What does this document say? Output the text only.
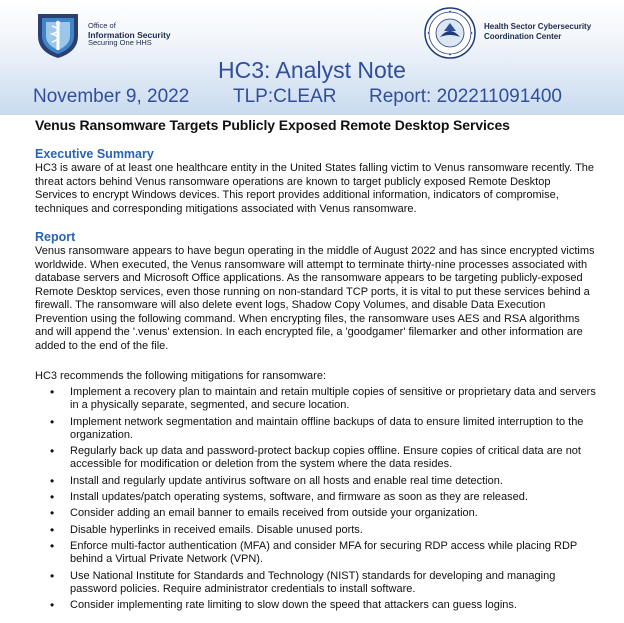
Office of
Information Security
Securing One HHS
Health Sector Cybersecurity
Coordination Center
HC3: Analyst Note
November 9, 2022 TLP:CLEAR Report: 202211091400
Venus Ransomware Targets Publicly Exposed Remote Desktop Services
Executive Summary
HC3 is aware of at least one healthcare entity in the United States falling victim to Venus ransomware recently. The threat actors behind Venus ransomware operations are known to target publicly exposed Remote Desktop Services to encrypt Windows devices. This report provides additional information, indicators of compromise, techniques and corresponding mitigations associated with Venus ransomware.
Report
Venus ransomware appears to have begun operating in the middle of August 2022 and has since encrypted victims worldwide. When executed, the Venus ransomware will attempt to terminate thirty-nine processes associated with database servers and Microsoft Office applications. As the ransomware appears to be targeting publicly-exposed Remote Desktop services, even those running on non-standard TCP ports, it is vital to put these services behind a firewall. The ransomware will also delete event logs, Shadow Copy Volumes, and disable Data Execution Prevention using the following command. When encrypting files, the ransomware uses AES and RSA algorithms and will append the '.venus' extension. In each encrypted file, a 'goodgamer' filemarker and other information are added to the end of the file.
HC3 recommends the following mitigations for ransomware:
• Implement a recovery plan to maintain and retain multiple copies of sensitive or proprietary data and servers in a physically separate, segmented, and secure location.
• Implement network segmentation and maintain offline backups of data to ensure limited interruption to the organization.
• Regularly back up data and password-protect backup copies offline. Ensure copies of critical data are not accessible for modification or deletion from the system where the data resides.
• Install and regularly update antivirus software on all hosts and enable real time detection.
• Install updates/patch operating systems, software, and firmware as soon as they are released.
• Consider adding an email banner to emails received from outside your organization.
• Disable hyperlinks in received emails. Disable unused ports.
• Enforce multi-factor authentication (MFA) and consider MFA for securing RDP access while placing RDP behind a Virtual Private Network (VPN).
• Use National Institute for Standards and Technology (NIST) standards for developing and managing password policies. Require administrator credentials to install software.
• Consider implementing rate limiting to slow down the speed that attackers can guess logins.
